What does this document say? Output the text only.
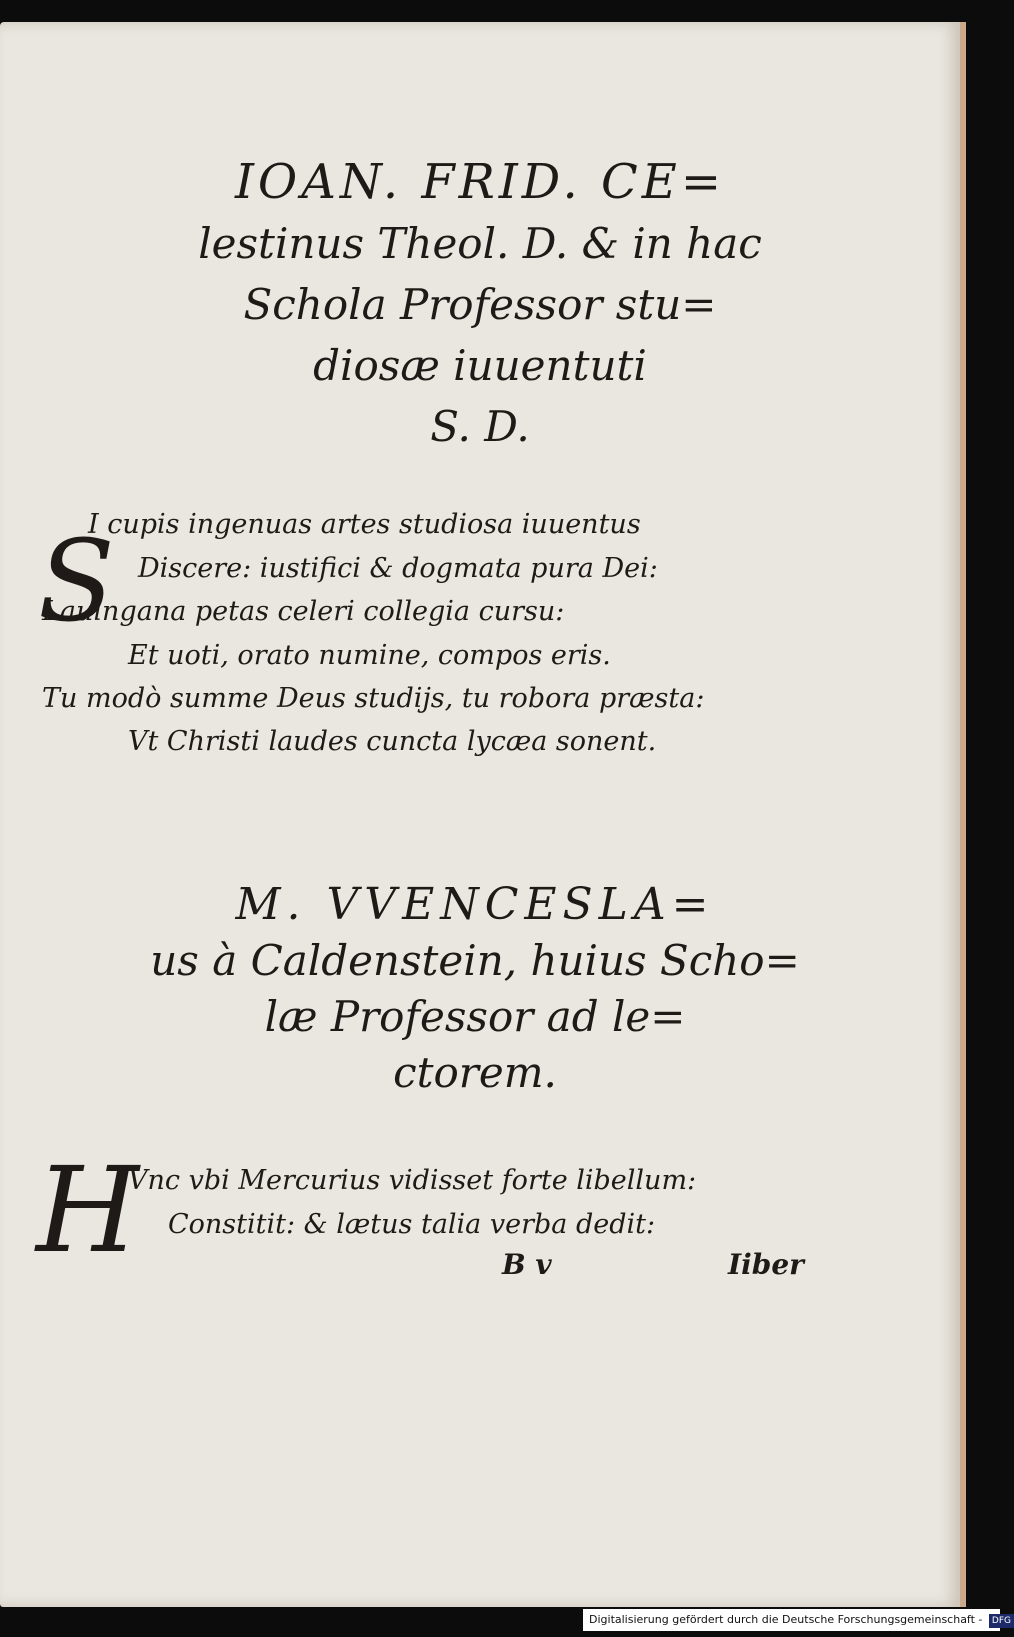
IOAN. FRID. CE=
lestinus Theol. D. & in hac
Schola Professor stu=
diosæ iuuentuti
S. D.
S
I cupis ingenuas artes studiosa iuuentus
Discere: iustifici & dogmata pura Dei:
Lauingana petas celeri collegia cursu:
Et uoti, orato numine, compos eris.
Tu modò summe Deus studijs, tu robora præsta:
Vt Christi laudes cuncta lycæa sonent.
M. VVENCESLA=
us à Caldenstein, huius Scho=
læ Professor ad le=
ctorem.
H
Vnc vbi Mercurius vidisset forte libellum:
Constitit: & lætus talia verba dedit:
B v	Iiber
Digitalisierung gefördert durch die Deutsche Forschungsgemeinschaft - DFG
